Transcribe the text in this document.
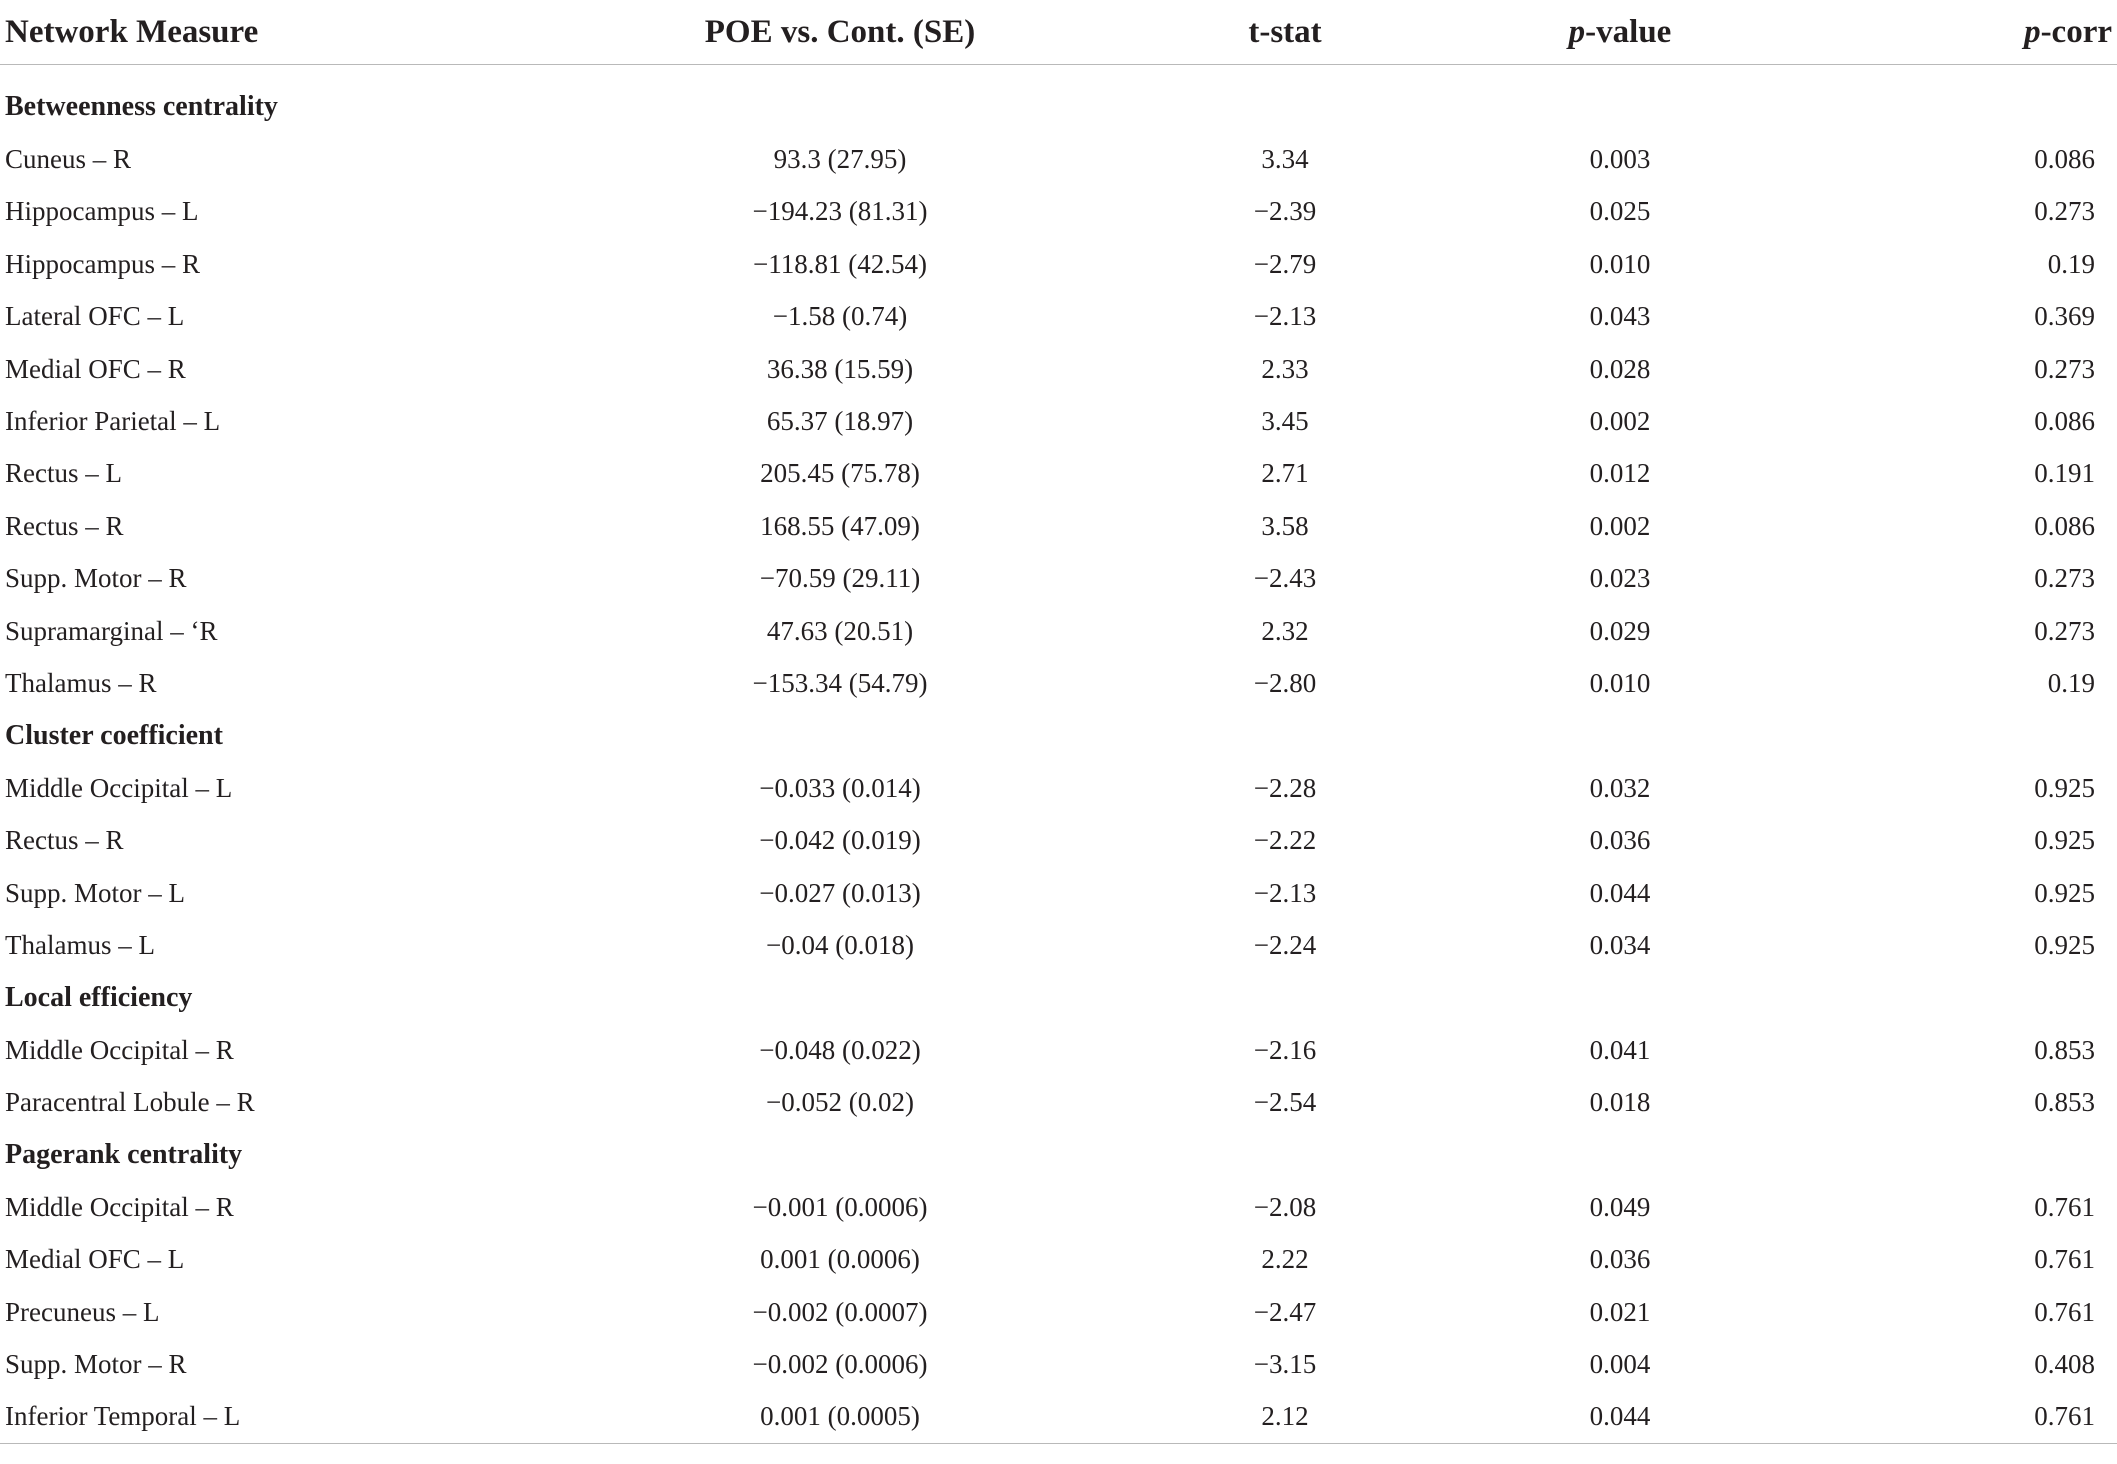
Network Measure	POE vs. Cont. (SE)	t-stat	p-value	p-corr

Betweenness centrality				
Cuneus – R	93.3 (27.95)	3.34	0.003	0.086
Hippocampus – L	−194.23 (81.31)	−2.39	0.025	0.273
Hippocampus – R	−118.81 (42.54)	−2.79	0.010	0.19
Lateral OFC – L	−1.58 (0.74)	−2.13	0.043	0.369
Medial OFC – R	36.38 (15.59)	2.33	0.028	0.273
Inferior Parietal – L	65.37 (18.97)	3.45	0.002	0.086
Rectus – L	205.45 (75.78)	2.71	0.012	0.191
Rectus – R	168.55 (47.09)	3.58	0.002	0.086
Supp. Motor – R	−70.59 (29.11)	−2.43	0.023	0.273
Supramarginal – ‘R	47.63 (20.51)	2.32	0.029	0.273
Thalamus – R	−153.34 (54.79)	−2.80	0.010	0.19
Cluster coefficient				
Middle Occipital – L	−0.033 (0.014)	−2.28	0.032	0.925
Rectus – R	−0.042 (0.019)	−2.22	0.036	0.925
Supp. Motor – L	−0.027 (0.013)	−2.13	0.044	0.925
Thalamus – L	−0.04 (0.018)	−2.24	0.034	0.925
Local efficiency				
Middle Occipital – R	−0.048 (0.022)	−2.16	0.041	0.853
Paracentral Lobule – R	−0.052 (0.02)	−2.54	0.018	0.853
Pagerank centrality				
Middle Occipital – R	−0.001 (0.0006)	−2.08	0.049	0.761
Medial OFC – L	0.001 (0.0006)	2.22	0.036	0.761
Precuneus – L	−0.002 (0.0007)	−2.47	0.021	0.761
Supp. Motor – R	−0.002 (0.0006)	−3.15	0.004	0.408
Inferior Temporal – L	0.001 (0.0005)	2.12	0.044	0.761
